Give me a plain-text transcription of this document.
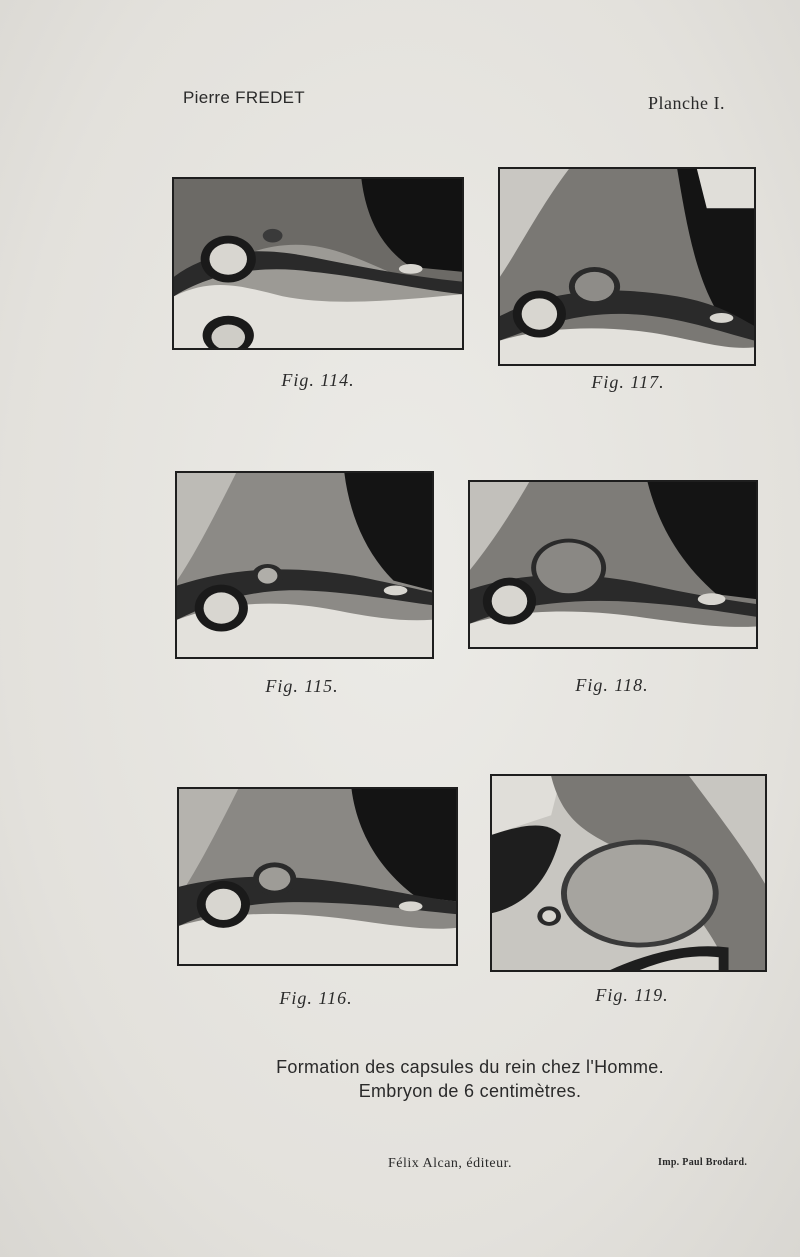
Pierre FREDET	Planche I.
Fig. 114.	Fig. 117.
Fig. 115.	Fig. 118.
Fig. 116.	Fig. 119.
Formation des capsules du rein chez l'Homme.
Embryon de 6 centimètres.
Félix Alcan, éditeur.	Imp. Paul Brodard.
